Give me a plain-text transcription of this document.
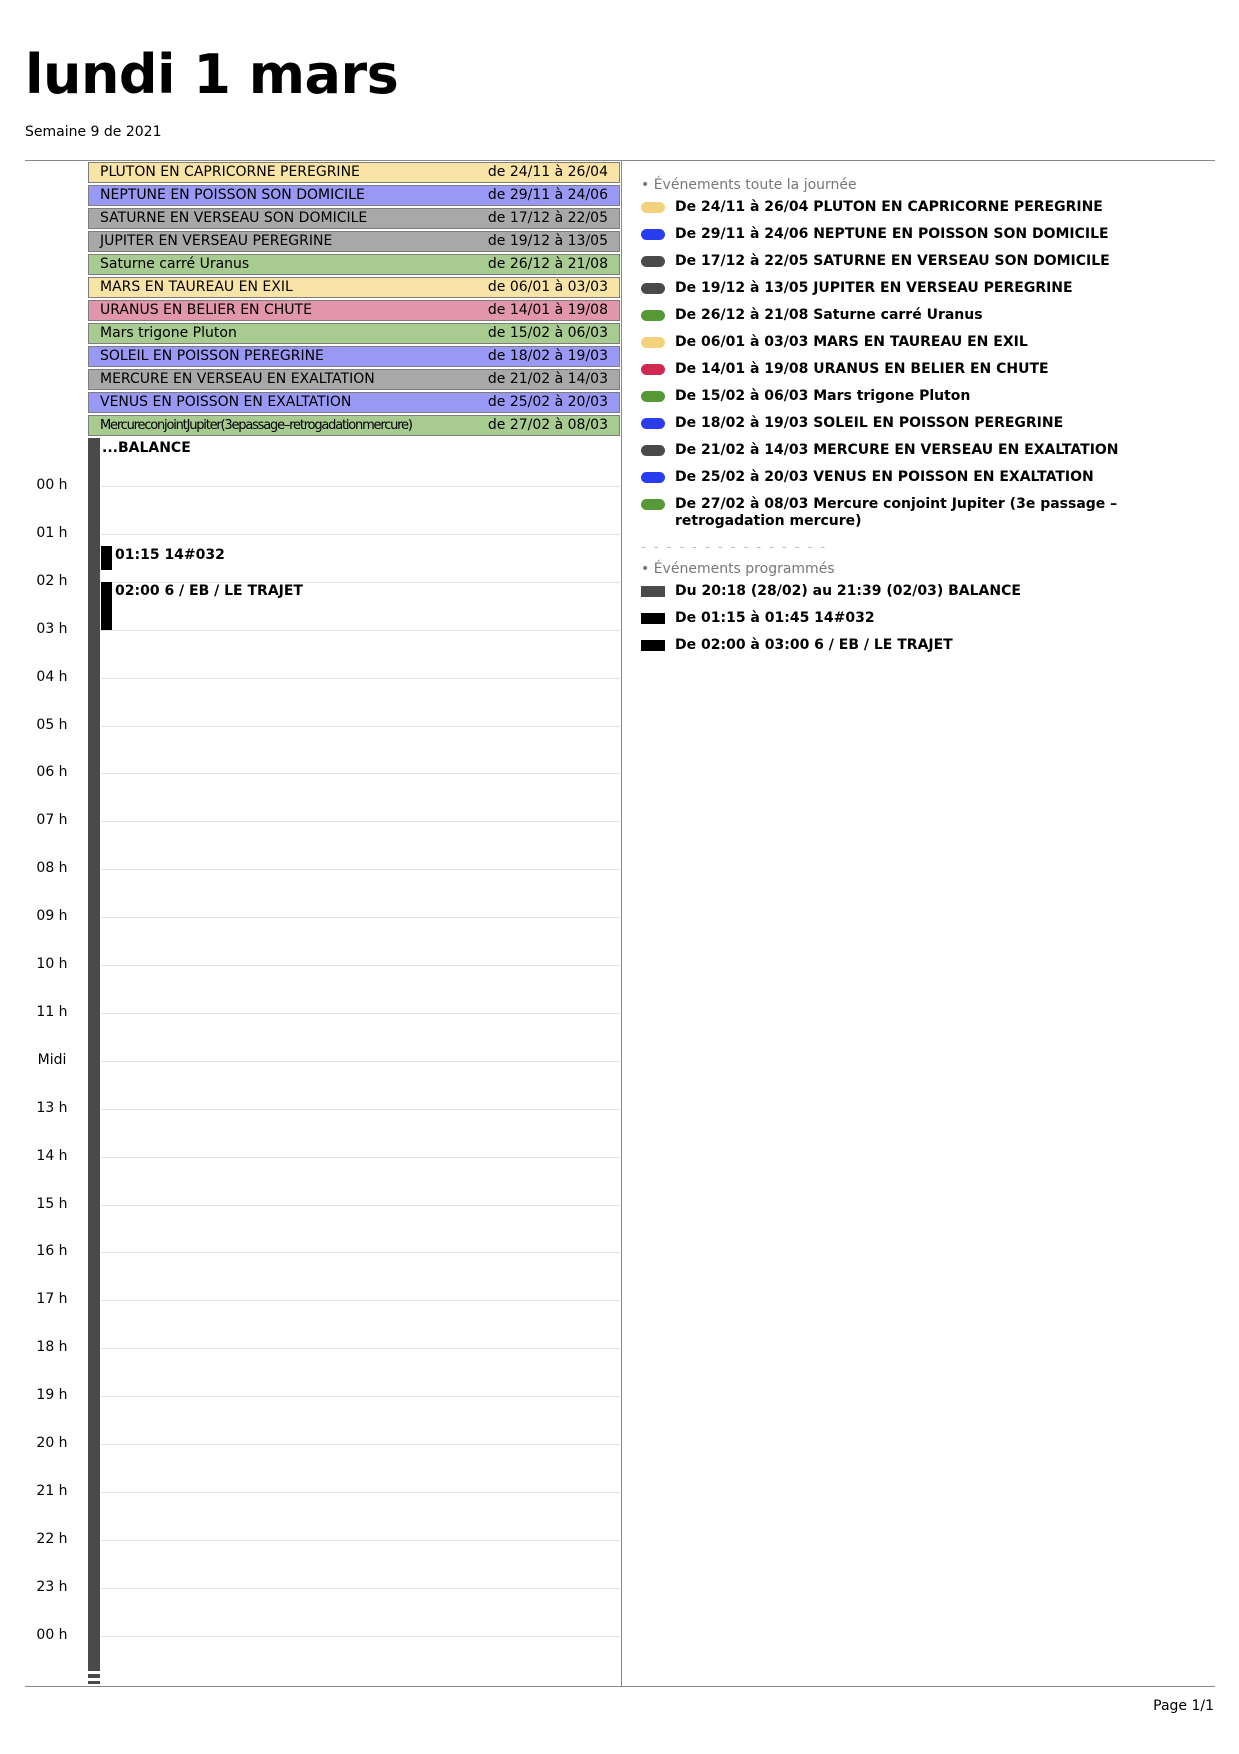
lundi 1 mars
Semaine 9 de 2021
PLUTON EN CAPRICORNE PEREGRINE	de 24/11 à 26/04
NEPTUNE EN POISSON SON DOMICILE	de 29/11 à 24/06
SATURNE EN VERSEAU SON DOMICILE	de 17/12 à 22/05
JUPITER EN VERSEAU PEREGRINE	de 19/12 à 13/05
Saturne carré Uranus	de 26/12 à 21/08
MARS EN TAUREAU EN EXIL	de 06/01 à 03/03
URANUS EN BELIER EN CHUTE	de 14/01 à 19/08
Mars trigone Pluton	de 15/02 à 06/03
SOLEIL EN POISSON PEREGRINE	de 18/02 à 19/03
MERCURE EN VERSEAU EN EXALTATION	de 21/02 à 14/03
VENUS EN POISSON EN EXALTATION	de 25/02 à 20/03
MercureconjointJupiter(3epassage–retrogadationmercure)	de 27/02 à 08/03
...BALANCE
00 h
01 h
02 h
03 h
04 h
05 h
06 h
07 h
08 h
09 h
10 h
11 h
Midi
13 h
14 h
15 h
16 h
17 h
18 h
19 h
20 h
21 h
22 h
23 h
00 h
01:15 14#032
02:00 6 / EB / LE TRAJET
• Événements toute la journée
De 24/11 à 26/04 PLUTON EN CAPRICORNE PEREGRINE
De 29/11 à 24/06 NEPTUNE EN POISSON SON DOMICILE
De 17/12 à 22/05 SATURNE EN VERSEAU SON DOMICILE
De 19/12 à 13/05 JUPITER EN VERSEAU PEREGRINE
De 26/12 à 21/08 Saturne carré Uranus
De 06/01 à 03/03 MARS EN TAUREAU EN EXIL
De 14/01 à 19/08 URANUS EN BELIER EN CHUTE
De 15/02 à 06/03 Mars trigone Pluton
De 18/02 à 19/03 SOLEIL EN POISSON PEREGRINE
De 21/02 à 14/03 MERCURE EN VERSEAU EN EXALTATION
De 25/02 à 20/03 VENUS EN POISSON EN EXALTATION
De 27/02 à 08/03 Mercure conjoint Jupiter (3e passage – retrogadation mercure)
- - - - - - - - - - - - - - -
• Événements programmés
Du 20:18 (28/02) au 21:39 (02/03) BALANCE
De 01:15 à 01:45 14#032
De 02:00 à 03:00 6 / EB / LE TRAJET
Page 1/1
